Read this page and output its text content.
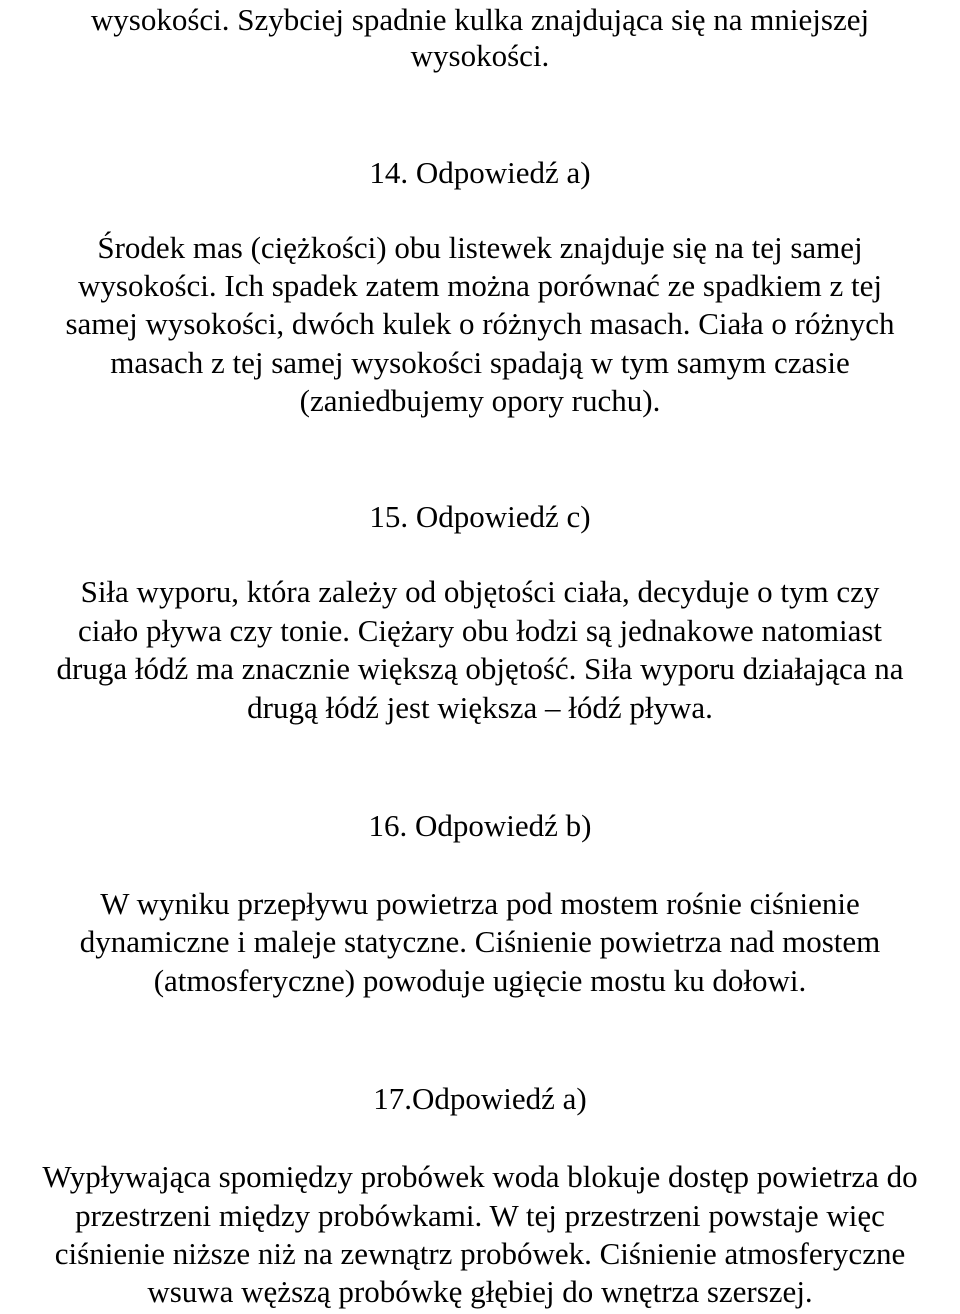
wysokości. Szybciej spadnie kulka znajdująca się na mniejszej
wysokości.
14. Odpowiedź a)
Środek mas (ciężkości) obu listewek znajduje się na tej samej
wysokości. Ich spadek zatem można porównać ze spadkiem z tej
samej wysokości, dwóch kulek o różnych masach. Ciała o różnych
masach z tej samej wysokości spadają w tym samym czasie
(zaniedbujemy opory ruchu).
15. Odpowiedź c)
Siła wyporu, która zależy od objętości ciała, decyduje o tym czy
ciało pływa czy tonie. Ciężary obu łodzi są jednakowe natomiast
druga łódź ma znacznie większą objętość. Siła wyporu działająca na
drugą łódź jest większa – łódź pływa.
16. Odpowiedź b)
W wyniku przepływu powietrza pod mostem rośnie ciśnienie
dynamiczne i maleje statyczne. Ciśnienie powietrza nad mostem
(atmosferyczne) powoduje ugięcie mostu ku dołowi.
17.Odpowiedź a)
Wypływająca spomiędzy probówek woda blokuje dostęp powietrza do
przestrzeni między probówkami. W tej przestrzeni powstaje więc
ciśnienie niższe niż na zewnątrz probówek. Ciśnienie atmosferyczne
wsuwa węższą probówkę głębiej do wnętrza szerszej.
